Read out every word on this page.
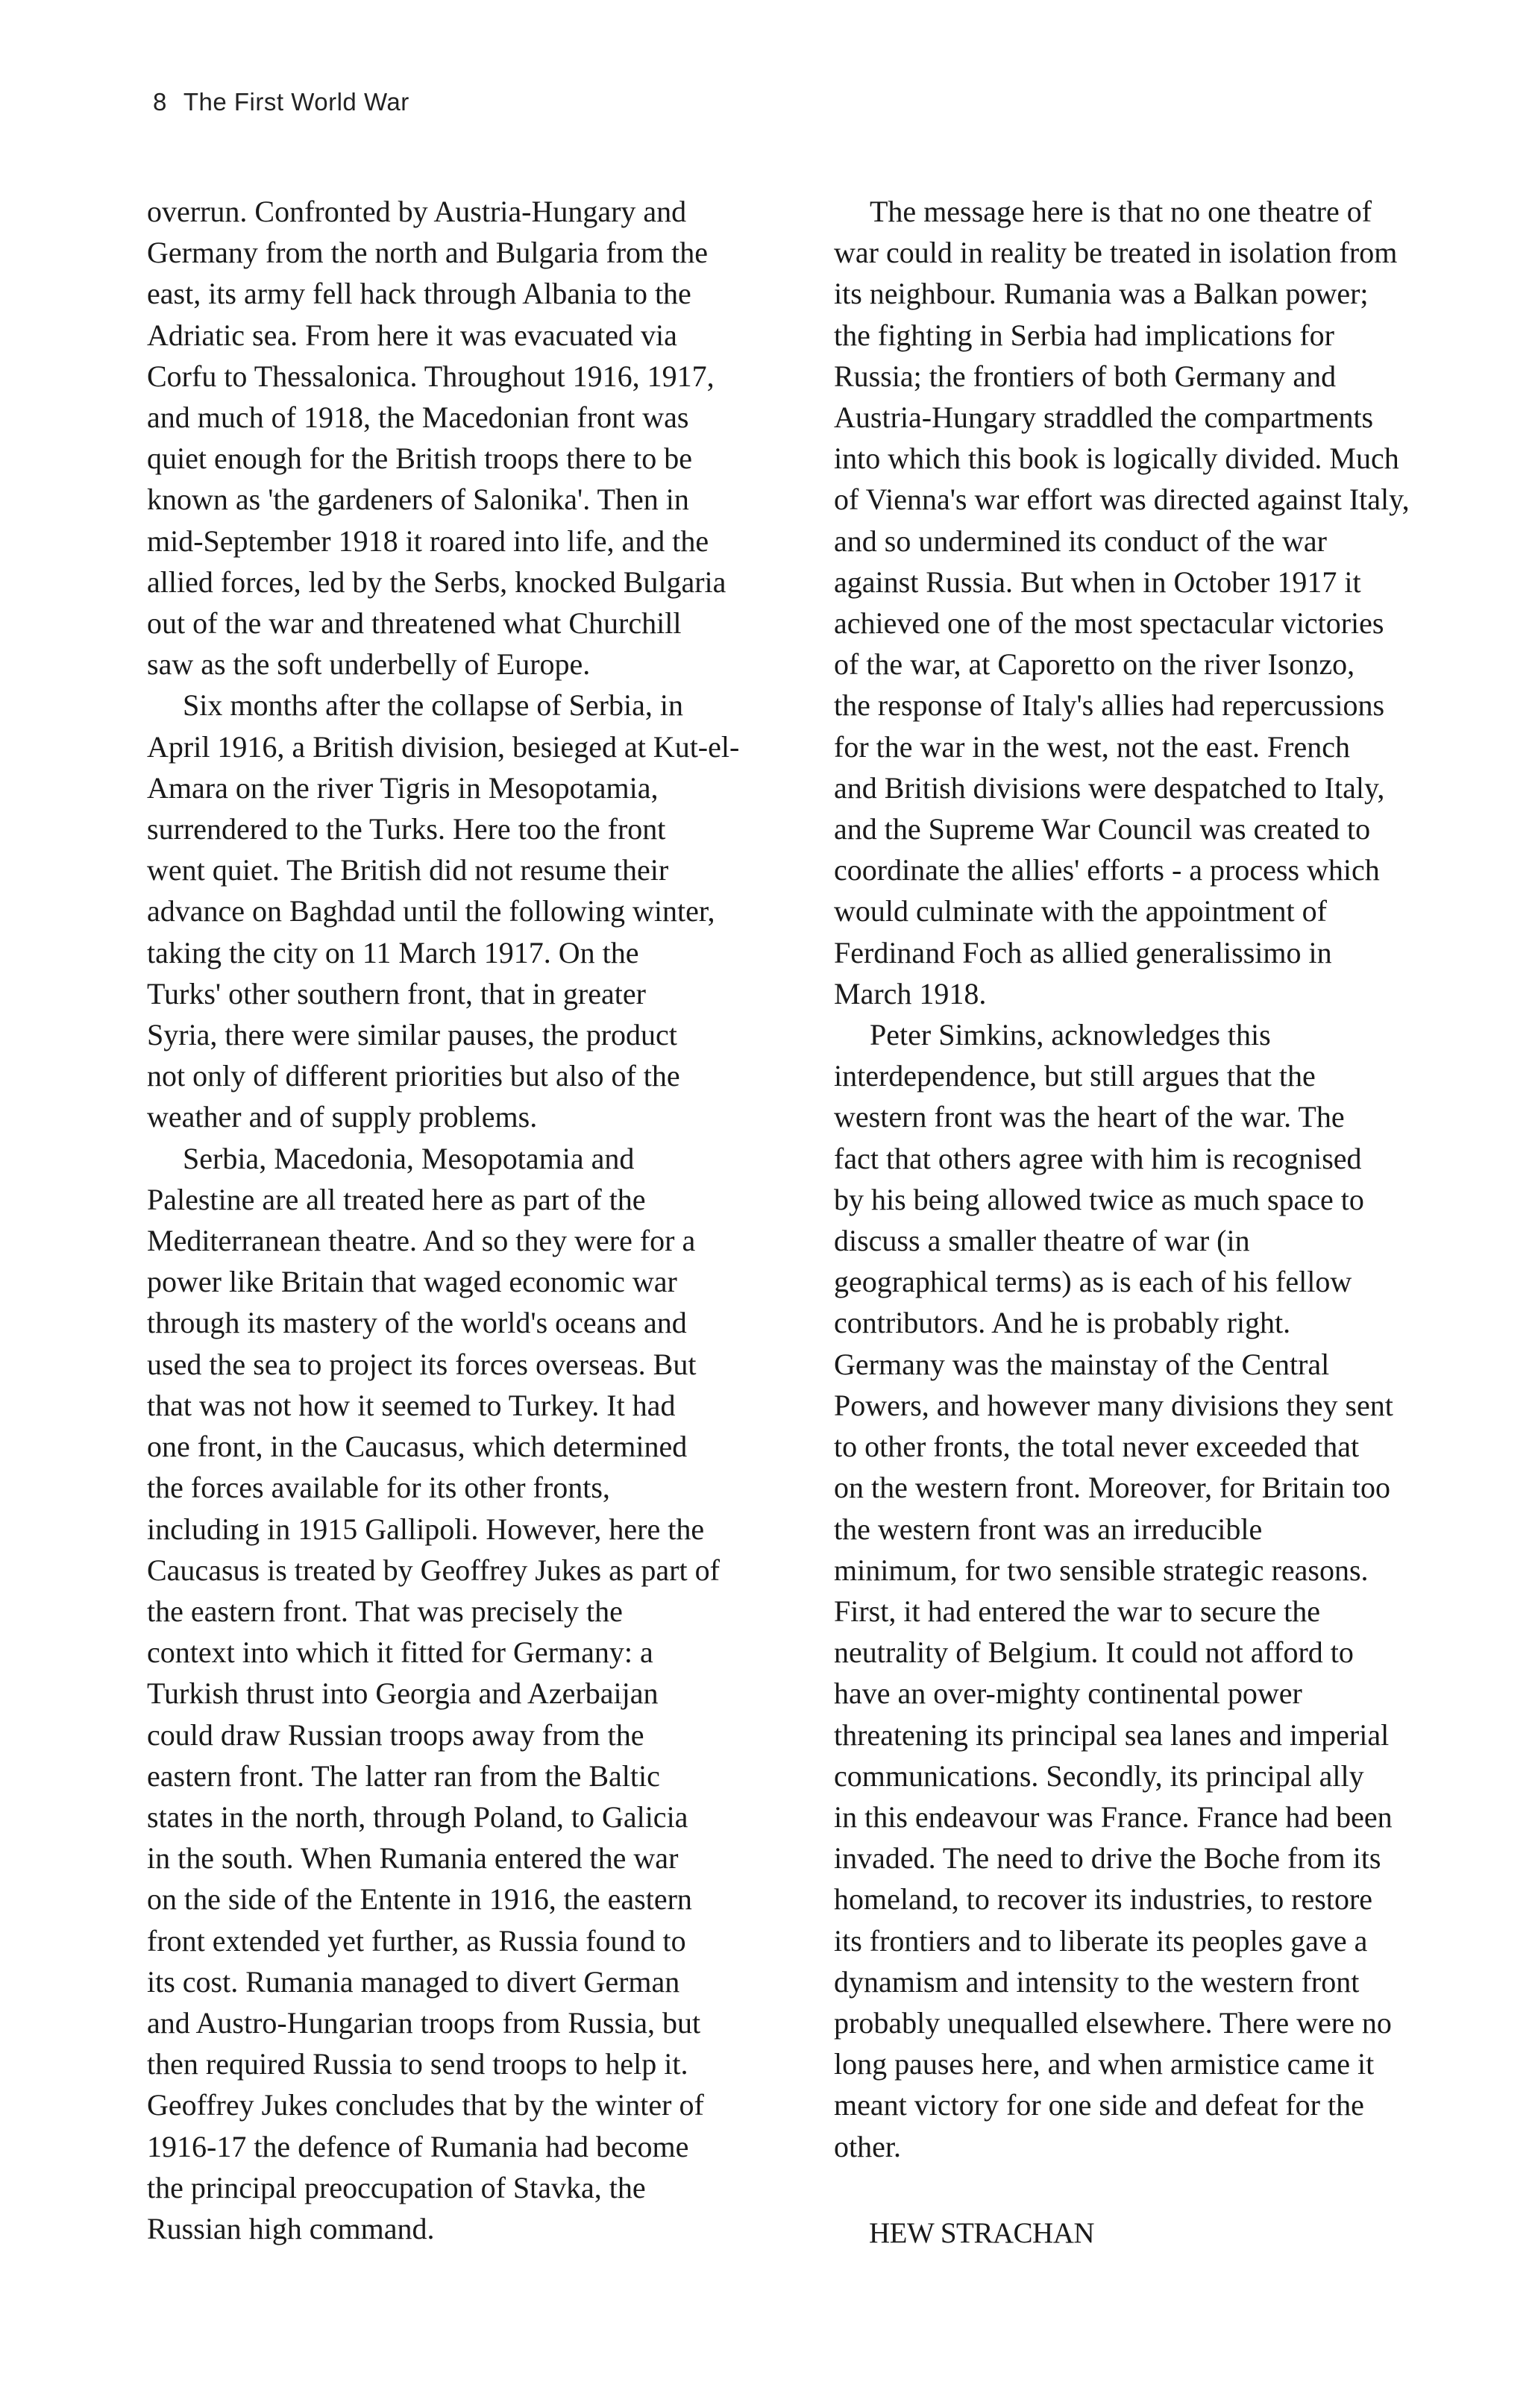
8 The First World War
overrun. Confronted by Austria-Hungary and
Germany from the north and Bulgaria from the
east, its army fell hack through Albania to the
Adriatic sea. From here it was evacuated via
Corfu to Thessalonica. Throughout 1916, 1917,
and much of 1918, the Macedonian front was
quiet enough for the British troops there to be
known as 'the gardeners of Salonika'. Then in
mid-September 1918 it roared into life, and the
allied forces, led by the Serbs, knocked Bulgaria
out of the war and threatened what Churchill
saw as the soft underbelly of Europe.
Six months after the collapse of Serbia, in
April 1916, a British division, besieged at Kut-el-
Amara on the river Tigris in Mesopotamia,
surrendered to the Turks. Here too the front
went quiet. The British did not resume their
advance on Baghdad until the following winter,
taking the city on 11 March 1917. On the
Turks' other southern front, that in greater
Syria, there were similar pauses, the product
not only of different priorities but also of the
weather and of supply problems.
Serbia, Macedonia, Mesopotamia and
Palestine are all treated here as part of the
Mediterranean theatre. And so they were for a
power like Britain that waged economic war
through its mastery of the world's oceans and
used the sea to project its forces overseas. But
that was not how it seemed to Turkey. It had
one front, in the Caucasus, which determined
the forces available for its other fronts,
including in 1915 Gallipoli. However, here the
Caucasus is treated by Geoffrey Jukes as part of
the eastern front. That was precisely the
context into which it fitted for Germany: a
Turkish thrust into Georgia and Azerbaijan
could draw Russian troops away from the
eastern front. The latter ran from the Baltic
states in the north, through Poland, to Galicia
in the south. When Rumania entered the war
on the side of the Entente in 1916, the eastern
front extended yet further, as Russia found to
its cost. Rumania managed to divert German
and Austro-Hungarian troops from Russia, but
then required Russia to send troops to help it.
Geoffrey Jukes concludes that by the winter of
1916-17 the defence of Rumania had become
the principal preoccupation of Stavka, the
Russian high command.
The message here is that no one theatre of
war could in reality be treated in isolation from
its neighbour. Rumania was a Balkan power;
the fighting in Serbia had implications for
Russia; the frontiers of both Germany and
Austria-Hungary straddled the compartments
into which this book is logically divided. Much
of Vienna's war effort was directed against Italy,
and so undermined its conduct of the war
against Russia. But when in October 1917 it
achieved one of the most spectacular victories
of the war, at Caporetto on the river Isonzo,
the response of Italy's allies had repercussions
for the war in the west, not the east. French
and British divisions were despatched to Italy,
and the Supreme War Council was created to
coordinate the allies' efforts - a process which
would culminate with the appointment of
Ferdinand Foch as allied generalissimo in
March 1918.
Peter Simkins, acknowledges this
interdependence, but still argues that the
western front was the heart of the war. The
fact that others agree with him is recognised
by his being allowed twice as much space to
discuss a smaller theatre of war (in
geographical terms) as is each of his fellow
contributors. And he is probably right.
Germany was the mainstay of the Central
Powers, and however many divisions they sent
to other fronts, the total never exceeded that
on the western front. Moreover, for Britain too
the western front was an irreducible
minimum, for two sensible strategic reasons.
First, it had entered the war to secure the
neutrality of Belgium. It could not afford to
have an over-mighty continental power
threatening its principal sea lanes and imperial
communications. Secondly, its principal ally
in this endeavour was France. France had been
invaded. The need to drive the Boche from its
homeland, to recover its industries, to restore
its frontiers and to liberate its peoples gave a
dynamism and intensity to the western front
probably unequalled elsewhere. There were no
long pauses here, and when armistice came it
meant victory for one side and defeat for the
other.
HEW STRACHAN
